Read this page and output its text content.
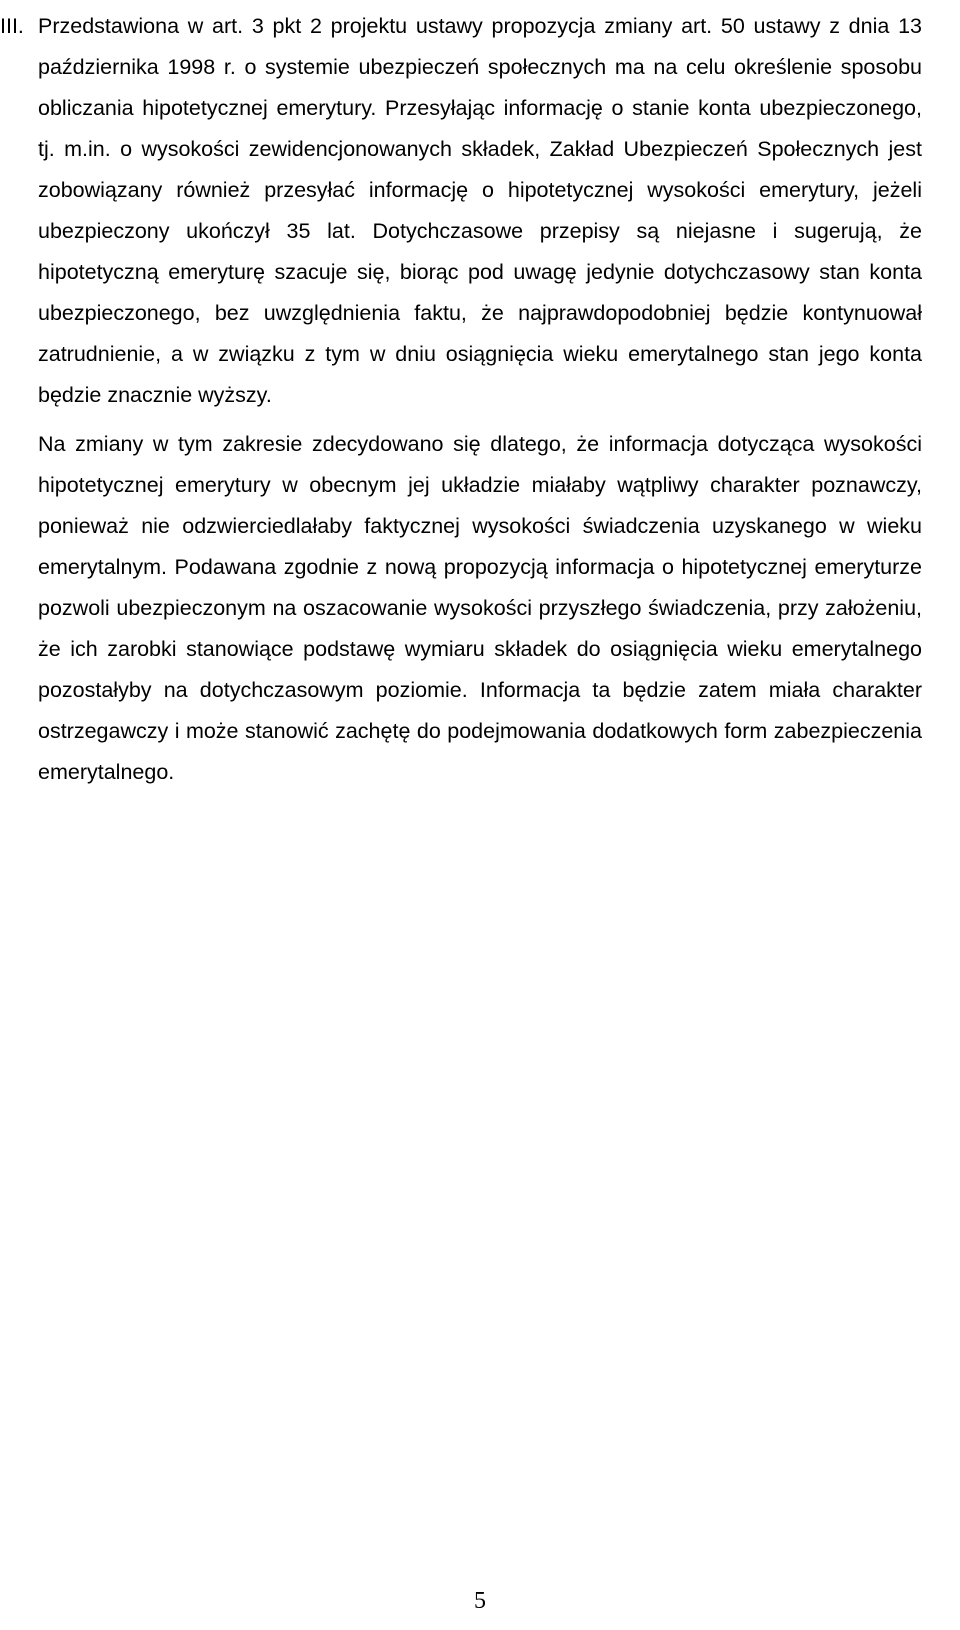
III. Przedstawiona w art. 3 pkt 2 projektu ustawy propozycja zmiany art. 50 ustawy z dnia 13 października 1998 r. o systemie ubezpieczeń społecznych ma na celu określenie sposobu obliczania hipotetycznej emerytury. Przesyłając informację o stanie konta ubezpieczonego, tj. m.in. o wysokości zewidencjonowanych składek, Zakład Ubezpieczeń Społecznych jest zobowiązany również przesyłać informację o hipotetycznej wysokości emerytury, jeżeli ubezpieczony ukończył 35 lat. Dotychczasowe przepisy są niejasne i sugerują, że hipotetyczną emeryturę szacuje się, biorąc pod uwagę jedynie dotychczasowy stan konta ubezpieczonego, bez uwzględnienia faktu, że najprawdopodobniej będzie kontynuował zatrudnienie, a w związku z tym w dniu osiągnięcia wieku emerytalnego stan jego konta będzie znacznie wyższy.

Na zmiany w tym zakresie zdecydowano się dlatego, że informacja dotycząca wysokości hipotetycznej emerytury w obecnym jej układzie miałaby wątpliwy charakter poznawczy, ponieważ nie odzwierciedlałaby faktycznej wysokości świadczenia uzyskanego w wieku emerytalnym. Podawana zgodnie z nową propozycją informacja o hipotetycznej emeryturze pozwoli ubezpieczonym na oszacowanie wysokości przyszłego świadczenia, przy założeniu, że ich zarobki stanowiące podstawę wymiaru składek do osiągnięcia wieku emerytalnego pozostałyby na dotychczasowym poziomie. Informacja ta będzie zatem miała charakter ostrzegawczy i może stanowić zachętę do podejmowania dodatkowych form zabezpieczenia emerytalnego.

5
